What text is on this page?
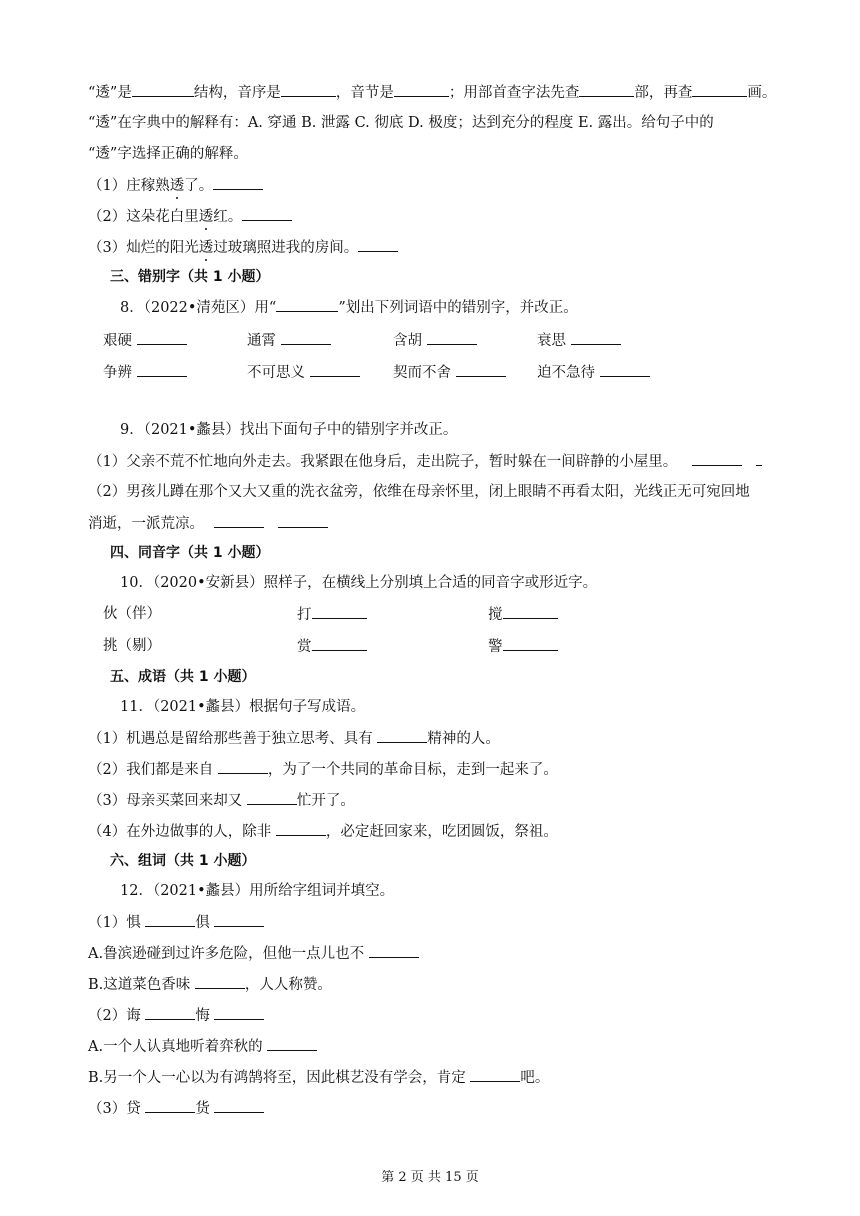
“透”是	结构，音序是	，音节是	；用部首查字法先查	部，再查	画。
“透”在字典中的解释有：A. 穿通 B. 泄露 C. 彻底 D. 极度；达到充分的程度 E. 露出。给句子中的
“透”字选择正确的解释。
（1）庄稼熟透了。
（2）这朵花白里透红。
（3）灿烂的阳光透过玻璃照进我的房间。
三、错别字（共 1 小题）
8．（2022•清苑区）用“	”划出下列词语中的错别字，并改正。
艰硬	通霄	含胡	衰思
争辨	不可思义	契而不舍	迫不急待
9．（2021•蠡县）找出下面句子中的错别字并改正。
（1）父亲不荒不忙地向外走去。我紧跟在他身后，走出院子，暂时躲在一间辟静的小屋里。
（2）男孩儿蹲在那个又大又重的洗衣盆旁，依维在母亲怀里，闭上眼睛不再看太阳，光线正无可宛回地
消逝，一派荒凉。
四、同音字（共 1 小题）
10．（2020•安新县）照样子，在横线上分别填上合适的同音字或形近字。
伙（伴）	打	搅
挑（剔）	赏	警
五、成语（共 1 小题）
11．（2021•蠡县）根据句子写成语。
（1）机遇总是留给那些善于独立思考、具有	精神的人。
（2）我们都是来自	，为了一个共同的革命目标，走到一起来了。
（3）母亲买菜回来却又	忙开了。
（4）在外边做事的人，除非	，必定赶回家来，吃团圆饭，祭祖。
六、组词（共 1 小题）
12．（2021•蠡县）用所给字组词并填空。
（1）惧	俱
A.鲁滨逊碰到过许多危险，但他一点儿也不
B.这道菜色香味	，人人称赞。
（2）诲	悔
A.一个人认真地听着弈秋的
B.另一个人一心以为有鸿鹄将至，因此棋艺没有学会，肯定	吧。
（3）贷	货
第 2 页 共 15 页
